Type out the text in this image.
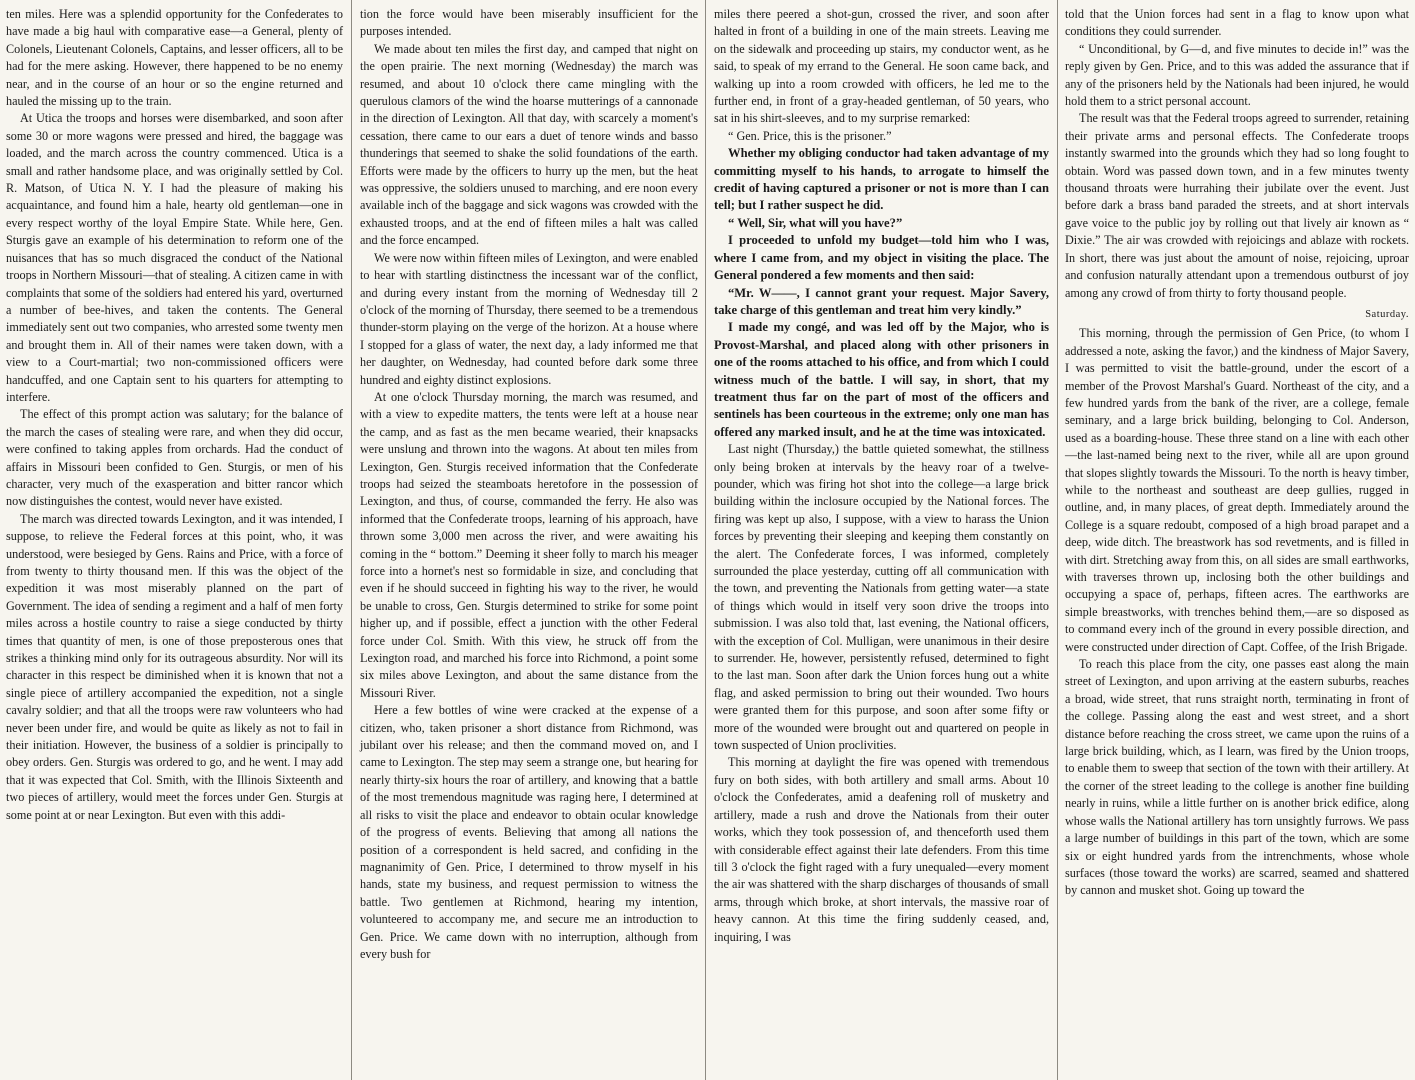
ten miles. Here was a splendid opportunity for the Confederates to have made a big haul with comparative ease—a General, plenty of Colonels, Lieutenant Colonels, Captains, and lesser officers, all to be had for the mere asking. However, there happened to be no enemy near, and in the course of an hour or so the engine returned and hauled the missing up to the train.

At Utica the troops and horses were disembarked, and soon after some 30 or more wagons were pressed and hired, the baggage was loaded, and the march across the country commenced. Utica is a small and rather handsome place, and was originally settled by Col. R. Matson, of Utica N. Y. I had the pleasure of making his acquaintance, and found him a hale, hearty old gentleman—one in every respect worthy of the loyal Empire State. While here, Gen. Sturgis gave an example of his determination to reform one of the nuisances that has so much disgraced the conduct of the National troops in Northern Missouri—that of stealing. A citizen came in with complaints that some of the soldiers had entered his yard, overturned a number of bee-hives, and taken the contents. The General immediately sent out two companies, who arrested some twenty men and brought them in. All of their names were taken down, with a view to a Court-martial; two non-commissioned officers were handcuffed, and one Captain sent to his quarters for attempting to interfere.

The effect of this prompt action was salutary; for the balance of the march the cases of stealing were rare, and when they did occur, were confined to taking apples from orchards. Had the conduct of affairs in Missouri been confided to Gen. Sturgis, or men of his character, very much of the exasperation and bitter rancor which now distinguishes the contest, would never have existed.

The march was directed towards Lexington, and it was intended, I suppose, to relieve the Federal forces at this point, who, it was understood, were besieged by Gens. Rains and Price, with a force of from twenty to thirty thousand men. If this was the object of the expedition it was most miserably planned on the part of Government. The idea of sending a regiment and a half of men forty miles across a hostile country to raise a siege conducted by thirty times that quantity of men, is one of those preposterous ones that strikes a thinking mind only for its outrageous absurdity. Nor will its character in this respect be diminished when it is known that not a single piece of artillery accompanied the expedition, not a single cavalry soldier; and that all the troops were raw volunteers who had never been under fire, and would be quite as likely as not to fail in their initiation. However, the business of a soldier is principally to obey orders. Gen. Sturgis was ordered to go, and he went. I may add that it was expected that Col. Smith, with the Illinois Sixteenth and two pieces of artillery, would meet the forces under Gen. Sturgis at some point at or near Lexington. But even with this addi-

tion the force would have been miserably insufficient for the purposes intended.

We made about ten miles the first day, and camped that night on the open prairie. The next morning (Wednesday) the march was resumed, and about 10 o'clock there came mingling with the querulous clamors of the wind the hoarse mutterings of a cannonade in the direction of Lexington. All that day, with scarcely a moment's cessation, there came to our ears a duet of tenore winds and basso thunderings that seemed to shake the solid foundations of the earth. Efforts were made by the officers to hurry up the men, but the heat was oppressive, the soldiers unused to marching, and ere noon every available inch of the baggage and sick wagons was crowded with the exhausted troops, and at the end of fifteen miles a halt was called and the force encamped.

We were now within fifteen miles of Lexington, and were enabled to hear with startling distinctness the incessant war of the conflict, and during every instant from the morning of Wednesday till 2 o'clock of the morning of Thursday, there seemed to be a tremendous thunder-storm playing on the verge of the horizon. At a house where I stopped for a glass of water, the next day, a lady informed me that her daughter, on Wednesday, had counted before dark some three hundred and eighty distinct explosions.

At one o'clock Thursday morning, the march was resumed, and with a view to expedite matters, the tents were left at a house near the camp, and as fast as the men became wearied, their knapsacks were unslung and thrown into the wagons. At about ten miles from Lexington, Gen. Sturgis received information that the Confederate troops had seized the steamboats heretofore in the possession of Lexington, and thus, of course, commanded the ferry. He also was informed that the Confederate troops, learning of his approach, have thrown some 3,000 men across the river, and were awaiting his coming in the “ bottom.” Deeming it sheer folly to march his meager force into a hornet's nest so formidable in size, and concluding that even if he should succeed in fighting his way to the river, he would be unable to cross, Gen. Sturgis determined to strike for some point higher up, and if possible, effect a junction with the other Federal force under Col. Smith. With this view, he struck off from the Lexington road, and marched his force into Richmond, a point some six miles above Lexington, and about the same distance from the Missouri River.

Here a few bottles of wine were cracked at the expense of a citizen, who, taken prisoner a short distance from Richmond, was jubilant over his release; and then the command moved on, and I came to Lexington. The step may seem a strange one, but hearing for nearly thirty-six hours the roar of artillery, and knowing that a battle of the most tremendous magnitude was raging here, I determined at all risks to visit the place and endeavor to obtain ocular knowledge of the progress of events. Believing that among all nations the position of a correspondent is held sacred, and confiding in the magnanimity of Gen. Price, I determined to throw myself in his hands, state my business, and request permission to witness the battle. Two gentlemen at Richmond, hearing my intention, volunteered to accompany me, and secure me an introduction to Gen. Price. We came down with no interruption, although from every bush for

miles there peered a shot-gun, crossed the river, and soon after halted in front of a building in one of the main streets. Leaving me on the sidewalk and proceeding up stairs, my conductor went, as he said, to speak of my errand to the General. He soon came back, and walking up into a room crowded with officers, he led me to the further end, in front of a gray-headed gentleman, of 50 years, who sat in his shirt-sleeves, and to my surprise remarked:

“ Gen. Price, this is the prisoner.”

Whether my obliging conductor had taken advantage of my committing myself to his hands, to arrogate to himself the credit of having captured a prisoner or not is more than I can tell; but I rather suspect he did.

“ Well, Sir, what will you have?”

I proceeded to unfold my budget—told him who I was, where I came from, and my object in visiting the place. The General pondered a few moments and then said:

“Mr. W——, I cannot grant your request. Major Savery, take charge of this gentleman and treat him very kindly.”

I made my congé, and was led off by the Major, who is Provost-Marshal, and placed along with other prisoners in one of the rooms attached to his office, and from which I could witness much of the battle. I will say, in short, that my treatment thus far on the part of most of the officers and sentinels has been courteous in the extreme; only one man has offered any marked insult, and he at the time was intoxicated.

Last night (Thursday,) the battle quieted somewhat, the stillness only being broken at intervals by the heavy roar of a twelve-pounder, which was firing hot shot into the college—a large brick building within the inclosure occupied by the National forces. The firing was kept up also, I suppose, with a view to harass the Union forces by preventing their sleeping and keeping them constantly on the alert. The Confederate forces, I was informed, completely surrounded the place yesterday, cutting off all communication with the town, and preventing the Nationals from getting water—a state of things which would in itself very soon drive the troops into submission. I was also told that, last evening, the National officers, with the exception of Col. Mulligan, were unanimous in their desire to surrender. He, however, persistently refused, determined to fight to the last man. Soon after dark the Union forces hung out a white flag, and asked permission to bring out their wounded. Two hours were granted them for this purpose, and soon after some fifty or more of the wounded were brought out and quartered on people in town suspected of Union proclivities.

This morning at daylight the fire was opened with tremendous fury on both sides, with both artillery and small arms. About 10 o'clock the Confederates, amid a deafening roll of musketry and artillery, made a rush and drove the Nationals from their outer works, which they took possession of, and thenceforth used them with considerable effect against their late defenders. From this time till 3 o'clock the fight raged with a fury unequaled—every moment the air was shattered with the sharp discharges of thousands of small arms, through which broke, at short intervals, the massive roar of heavy cannon. At this time the firing suddenly ceased, and, inquiring, I was

told that the Union forces had sent in a flag to know upon what conditions they could surrender.

“ Unconditional, by G—d, and five minutes to decide in!” was the reply given by Gen. Price, and to this was added the assurance that if any of the prisoners held by the Nationals had been injured, he would hold them to a strict personal account.

The result was that the Federal troops agreed to surrender, retaining their private arms and personal effects. The Confederate troops instantly swarmed into the grounds which they had so long fought to obtain. Word was passed down town, and in a few minutes twenty thousand throats were hurrahing their jubilate over the event. Just before dark a brass band paraded the streets, and at short intervals gave voice to the public joy by rolling out that lively air known as “ Dixie.” The air was crowded with rejoicings and ablaze with rockets. In short, there was just about the amount of noise, rejoicing, uproar and confusion naturally attendant upon a tremendous outburst of joy among any crowd of from thirty to forty thousand people.

Saturday.

This morning, through the permission of Gen Price, (to whom I addressed a note, asking the favor,) and the kindness of Major Savery, I was permitted to visit the battle-ground, under the escort of a member of the Provost Marshal's Guard. Northeast of the city, and a few hundred yards from the bank of the river, are a college, female seminary, and a large brick building, belonging to Col. Anderson, used as a boarding-house. These three stand on a line with each other—the last-named being next to the river, while all are upon ground that slopes slightly towards the Missouri. To the north is heavy timber, while to the northeast and southeast are deep gullies, rugged in outline, and, in many places, of great depth. Immediately around the College is a square redoubt, composed of a high broad parapet and a deep, wide ditch. The breastwork has sod revetments, and is filled in with dirt. Stretching away from this, on all sides are small earthworks, with traverses thrown up, inclosing both the other buildings and occupying a space of, perhaps, fifteen acres. The earthworks are simple breastworks, with trenches behind them,—are so disposed as to command every inch of the ground in every possible direction, and were constructed under direction of Capt. Coffee, of the Irish Brigade.

To reach this place from the city, one passes east along the main street of Lexington, and upon arriving at the eastern suburbs, reaches a broad, wide street, that runs straight north, terminating in front of the college. Passing along the east and west street, and a short distance before reaching the cross street, we came upon the ruins of a large brick building, which, as I learn, was fired by the Union troops, to enable them to sweep that section of the town with their artillery. At the corner of the street leading to the college is another fine building nearly in ruins, while a little further on is another brick edifice, along whose walls the National artillery has torn unsightly furrows. We pass a large number of buildings in this part of the town, which are some six or eight hundred yards from the intrenchments, whose whole surfaces (those toward the works) are scarred, seamed and shattered by cannon and musket shot. Going up toward the
